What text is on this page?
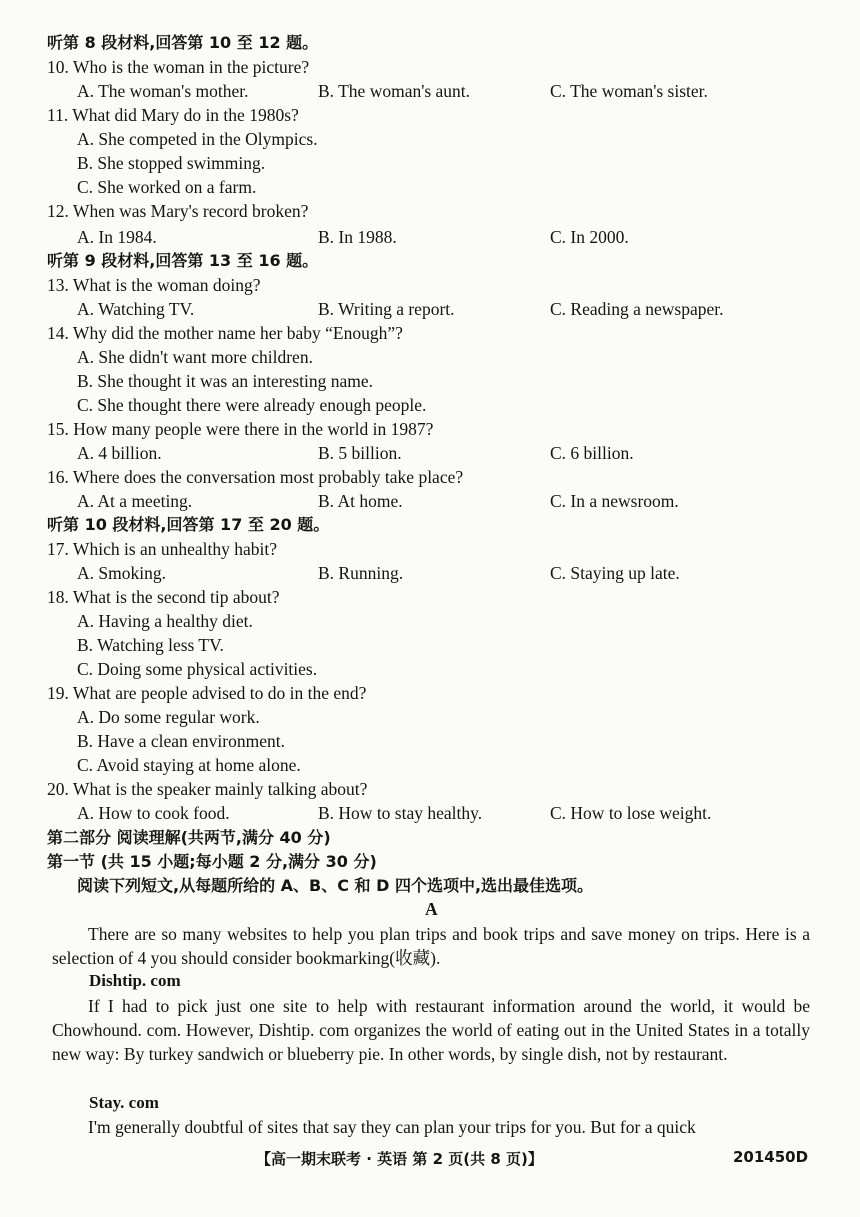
听第 8 段材料,回答第 10 至 12 题。
10. Who is the woman in the picture?
A. The woman's mother.	B. The woman's aunt.	C. The woman's sister.
11. What did Mary do in the 1980s?
A. She competed in the Olympics.
B. She stopped swimming.
C. She worked on a farm.
12. When was Mary's record broken?
A. In 1984.	B. In 1988.	C. In 2000.
听第 9 段材料,回答第 13 至 16 题。
13. What is the woman doing?
A. Watching TV.	B. Writing a report.	C. Reading a newspaper.
14. Why did the mother name her baby “Enough”?
A. She didn't want more children.
B. She thought it was an interesting name.
C. She thought there were already enough people.
15. How many people were there in the world in 1987?
A. 4 billion.	B. 5 billion.	C. 6 billion.
16. Where does the conversation most probably take place?
A. At a meeting.	B. At home.	C. In a newsroom.
听第 10 段材料,回答第 17 至 20 题。
17. Which is an unhealthy habit?
A. Smoking.	B. Running.	C. Staying up late.
18. What is the second tip about?
A. Having a healthy diet.
B. Watching less TV.
C. Doing some physical activities.
19. What are people advised to do in the end?
A. Do some regular work.
B. Have a clean environment.
C. Avoid staying at home alone.
20. What is the speaker mainly talking about?
A. How to cook food.	B. How to stay healthy.	C. How to lose weight.
第二部分 阅读理解(共两节,满分 40 分)
第一节 (共 15 小题;每小题 2 分,满分 30 分)
阅读下列短文,从每题所给的 A、B、C 和 D 四个选项中,选出最佳选项。
A
There are so many websites to help you plan trips and book trips and save money on trips. Here is a selection of 4 you should consider bookmarking(收藏).
Dishtip. com
If I had to pick just one site to help with restaurant information around the world, it would be Chowhound. com. However, Dishtip. com organizes the world of eating out in the United States in a totally new way: By turkey sandwich or blueberry pie. In other words, by single dish, not by restaurant.
Stay. com
I'm generally doubtful of sites that say they can plan your trips for you. But for a quick
【高一期末联考 · 英语 第 2 页(共 8 页)】	201450D
